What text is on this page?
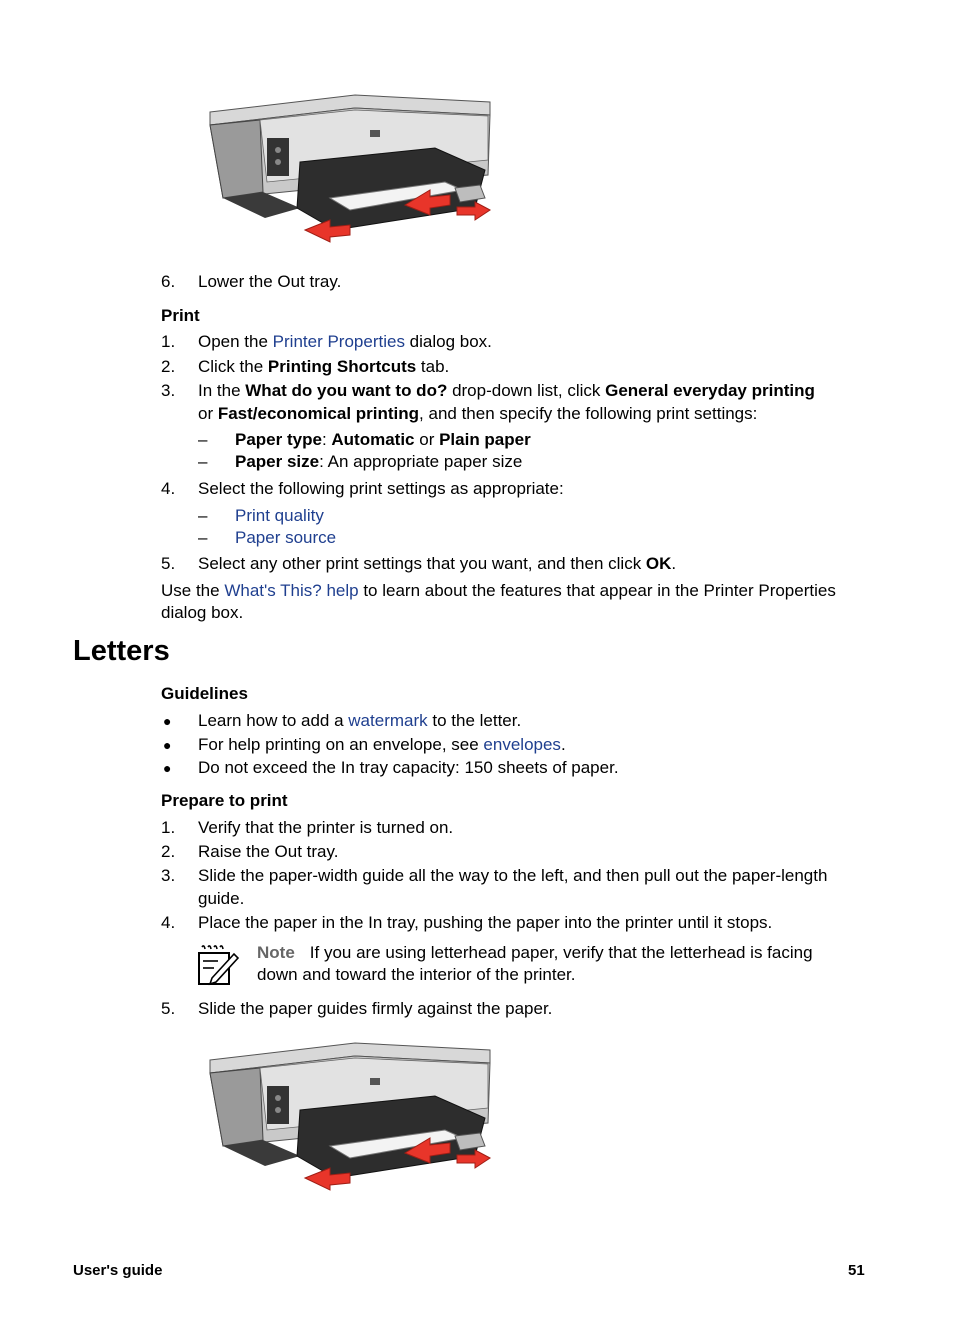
6. Lower the Out tray.
Print
1. Open the Printer Properties dialog box.
2. Click the Printing Shortcuts tab.
3. In the What do you want to do? drop-down list, click General everyday printing
or Fast/economical printing, and then specify the following print settings:
– Paper type: Automatic or Plain paper
– Paper size: An appropriate paper size
4. Select the following print settings as appropriate:
– Print quality
– Paper source
5. Select any other print settings that you want, and then click OK.
Use the What's This? help to learn about the features that appear in the Printer Properties
dialog box.
Letters
Guidelines
● Learn how to add a watermark to the letter.
● For help printing on an envelope, see envelopes.
● Do not exceed the In tray capacity: 150 sheets of paper.
Prepare to print
1. Verify that the printer is turned on.
2. Raise the Out tray.
3. Slide the paper-width guide all the way to the left, and then pull out the paper-length
guide.
4. Place the paper in the In tray, pushing the paper into the printer until it stops.
Note If you are using letterhead paper, verify that the letterhead is facing
down and toward the interior of the printer.
5. Slide the paper guides firmly against the paper.
User's guide	51
